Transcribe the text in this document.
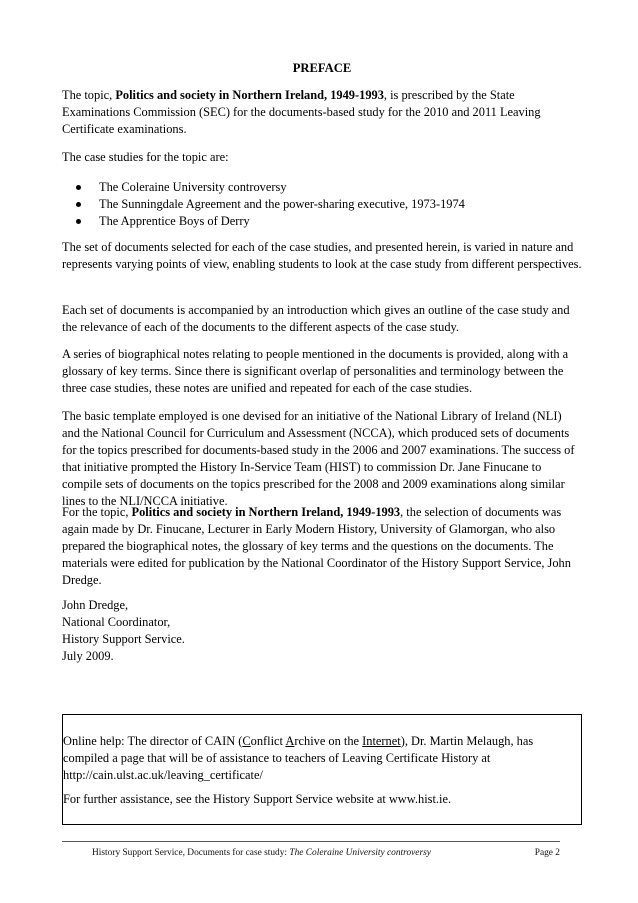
PREFACE

The topic, Politics and society in Northern Ireland, 1949-1993, is prescribed by the State Examinations Commission (SEC) for the documents-based study for the 2010 and 2011 Leaving Certificate examinations.

The case studies for the topic are:

The Coleraine University controversy
The Sunningdale Agreement and the power-sharing executive, 1973-1974
The Apprentice Boys of Derry

The set of documents selected for each of the case studies, and presented herein, is varied in nature and represents varying points of view, enabling students to look at the case study from different perspectives.

Each set of documents is accompanied by an introduction which gives an outline of the case study and the relevance of each of the documents to the different aspects of the case study.

A series of biographical notes relating to people mentioned in the documents is provided, along with a glossary of key terms. Since there is significant overlap of personalities and terminology between the three case studies, these notes are unified and repeated for each of the case studies.

The basic template employed is one devised for an initiative of the National Library of Ireland (NLI) and the National Council for Curriculum and Assessment (NCCA), which produced sets of documents for the topics prescribed for documents-based study in the 2006 and 2007 examinations. The success of that initiative prompted the History In-Service Team (HIST) to commission Dr. Jane Finucane to compile sets of documents on the topics prescribed for the 2008 and 2009 examinations along similar lines to the NLI/NCCA initiative.

For the topic, Politics and society in Northern Ireland, 1949-1993, the selection of documents was again made by Dr. Finucane, Lecturer in Early Modern History, University of Glamorgan, who also prepared the biographical notes, the glossary of key terms and the questions on the documents. The materials were edited for publication by the National Coordinator of the History Support Service, John Dredge.

John Dredge,
National Coordinator,
History Support Service.
July 2009.

Online help: The director of CAIN (Conflict Archive on the Internet), Dr. Martin Melaugh, has compiled a page that will be of assistance to teachers of Leaving Certificate History at http://cain.ulst.ac.uk/leaving_certificate/

For further assistance, see the History Support Service website at www.hist.ie.

History Support Service, Documents for case study: The Coleraine University controversy	Page 2
